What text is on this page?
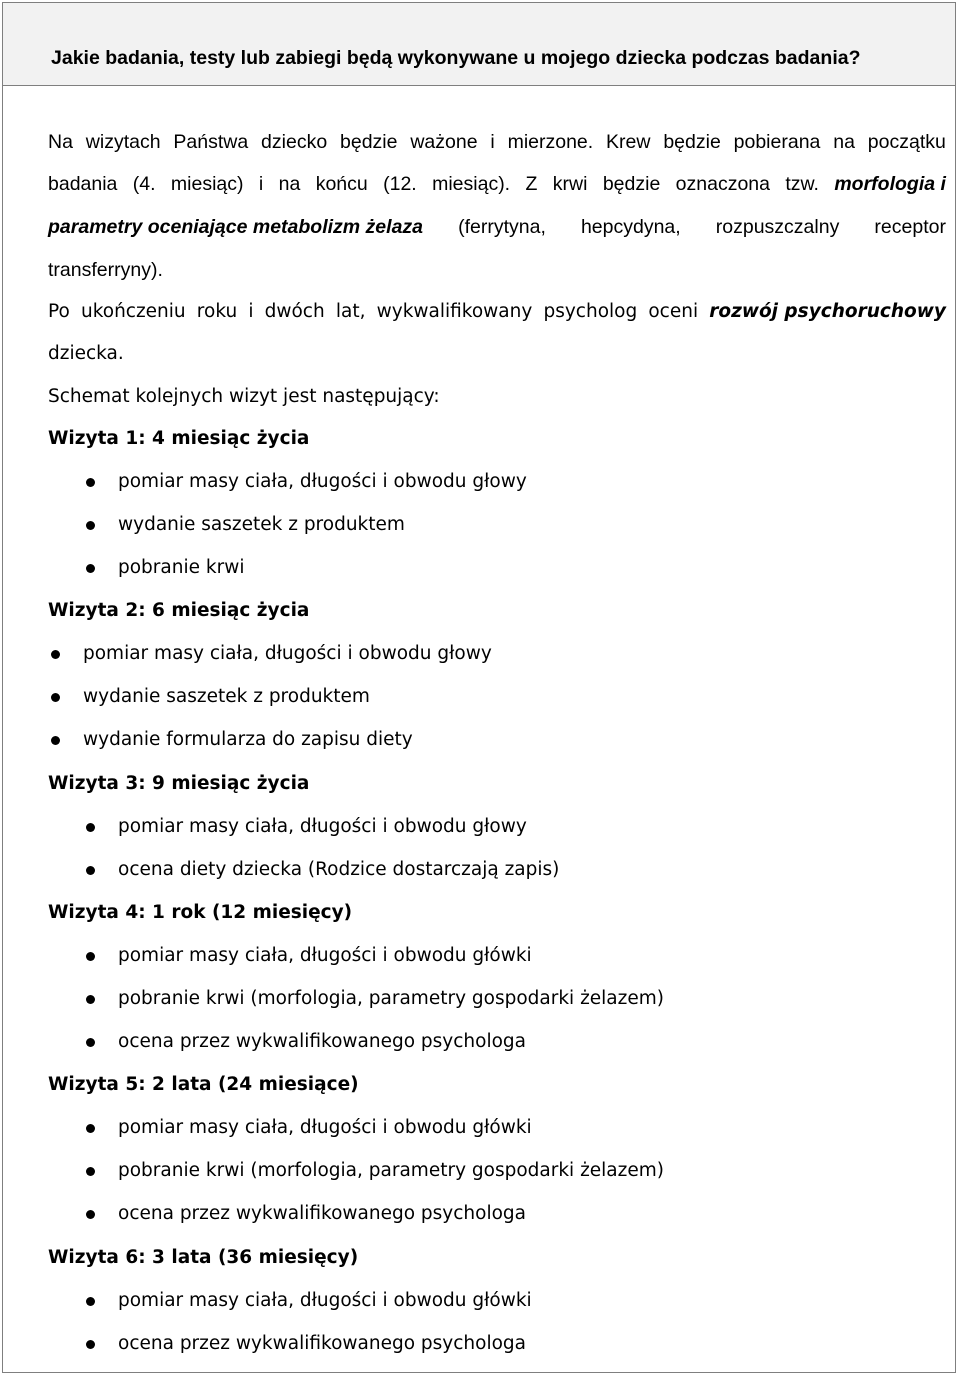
Jakie badania, testy lub zabiegi będą wykonywane u mojego dziecka podczas badania?
Na wizytach Państwa dziecko będzie ważone i mierzone. Krew będzie pobierana na początku
badania (4. miesiąc) i na końcu (12. miesiąc). Z krwi będzie oznaczona tzw. morfologia i
parametry oceniające metabolizm żelaza (ferrytyna, hepcydyna, rozpuszczalny receptor
transferryny).
Po ukończeniu roku i dwóch lat, wykwalifikowany psycholog oceni rozwój psychoruchowy
dziecka.
Schemat kolejnych wizyt jest następujący:
Wizyta 1: 4 miesiąc życia
pomiar masy ciała, długości i obwodu głowy
wydanie saszetek z produktem
pobranie krwi
Wizyta 2: 6 miesiąc życia
pomiar masy ciała, długości i obwodu głowy
wydanie saszetek z produktem
wydanie formularza do zapisu diety
Wizyta 3: 9 miesiąc życia
pomiar masy ciała, długości i obwodu głowy
ocena diety dziecka (Rodzice dostarczają zapis)
Wizyta 4: 1 rok (12 miesięcy)
pomiar masy ciała, długości i obwodu główki
pobranie krwi (morfologia, parametry gospodarki żelazem)
ocena przez wykwalifikowanego psychologa
Wizyta 5: 2 lata (24 miesiące)
pomiar masy ciała, długości i obwodu główki
pobranie krwi (morfologia, parametry gospodarki żelazem)
ocena przez wykwalifikowanego psychologa
Wizyta 6: 3 lata (36 miesięcy)
pomiar masy ciała, długości i obwodu główki
ocena przez wykwalifikowanego psychologa
